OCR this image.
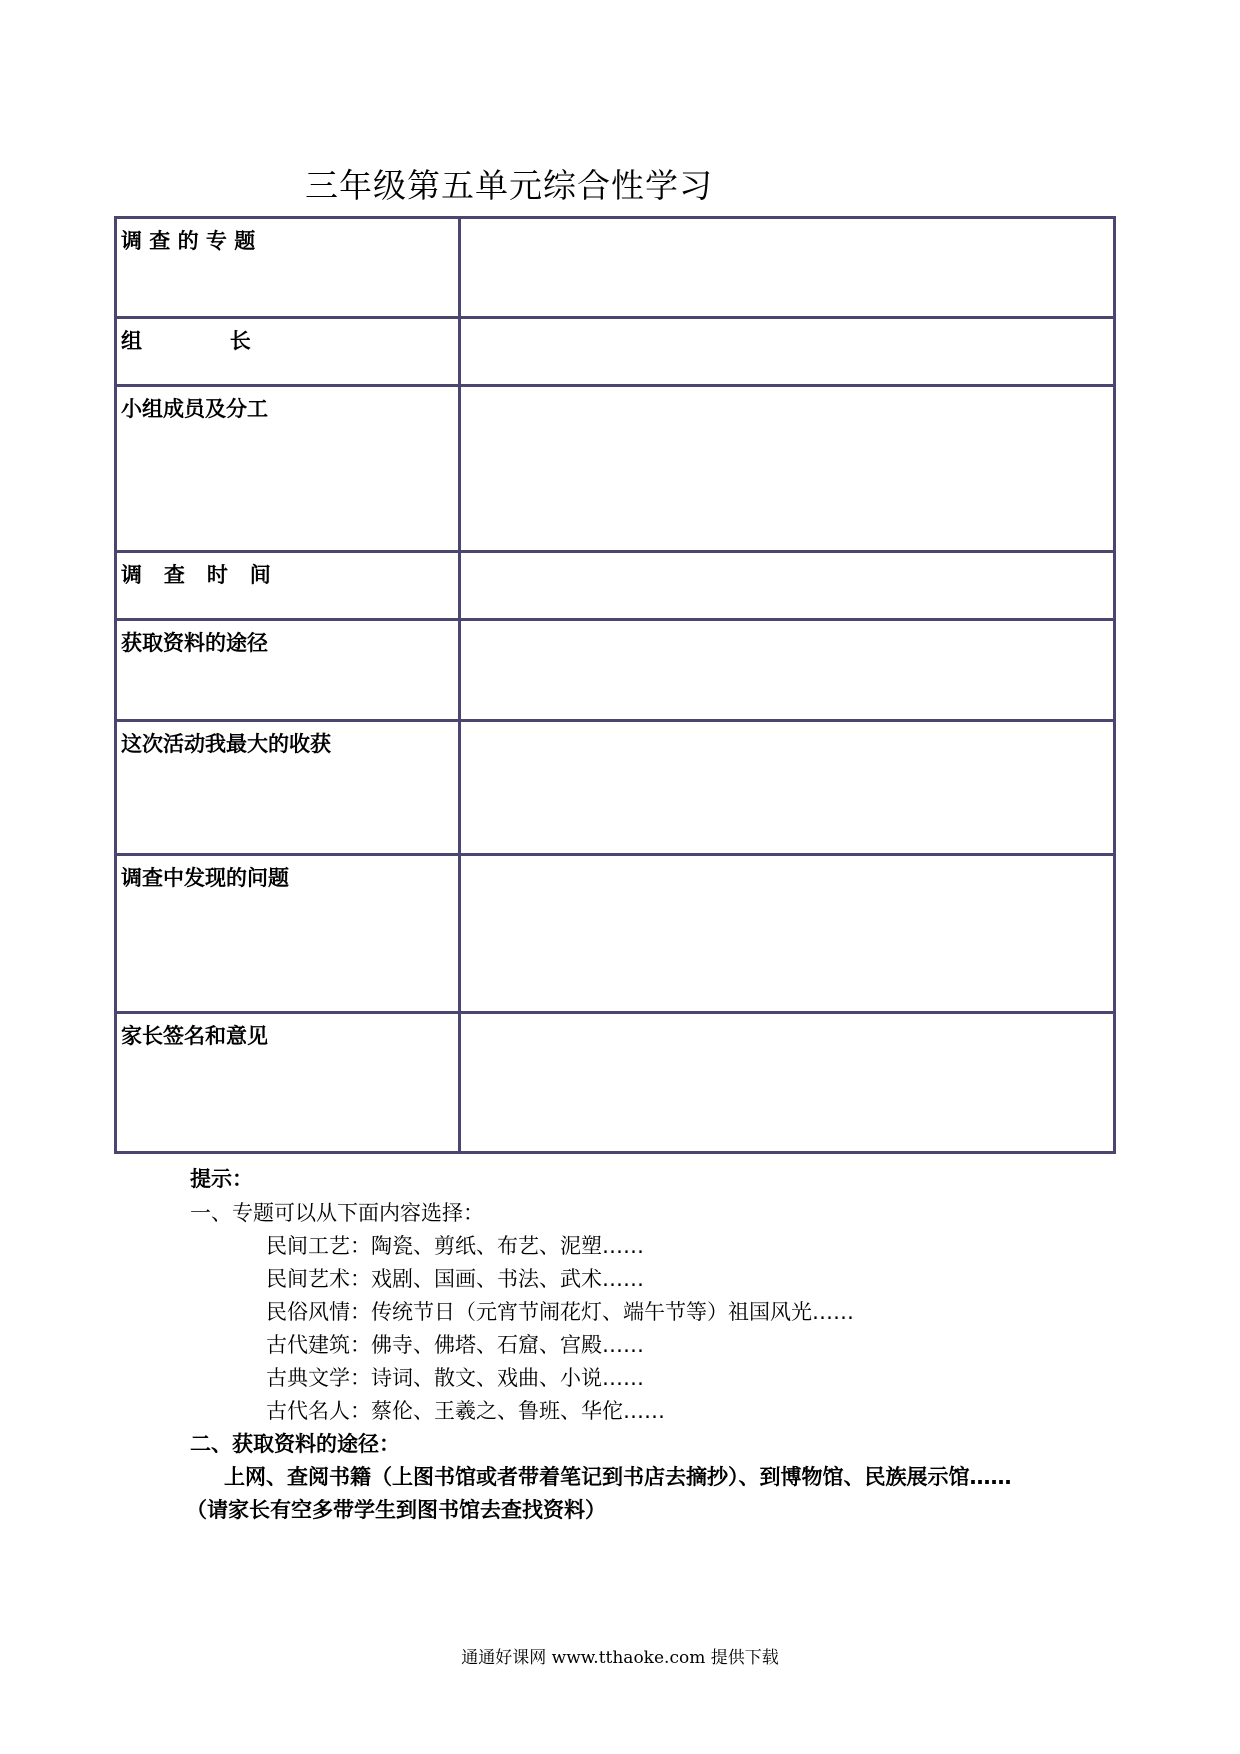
三年级第五单元综合性学习
调 查 的 专 题	
组            长	
小组成员及分工	
调   查   时   间	
获取资料的途径	
这次活动我最大的收获	
调查中发现的问题	
家长签名和意见	
提示：
一、专题可以从下面内容选择：
民间工艺：陶瓷、剪纸、布艺、泥塑……
民间艺术：戏剧、国画、书法、武术……
民俗风情：传统节日（元宵节闹花灯、端午节等）祖国风光……
古代建筑：佛寺、佛塔、石窟、宫殿……
古典文学：诗词、散文、戏曲、小说……
古代名人：蔡伦、王羲之、鲁班、华佗……
二、获取资料的途径：
上网、查阅书籍（上图书馆或者带着笔记到书店去摘抄）、到博物馆、民族展示馆……
（请家长有空多带学生到图书馆去查找资料）
通通好课网 www.tthaoke.com 提供下载
